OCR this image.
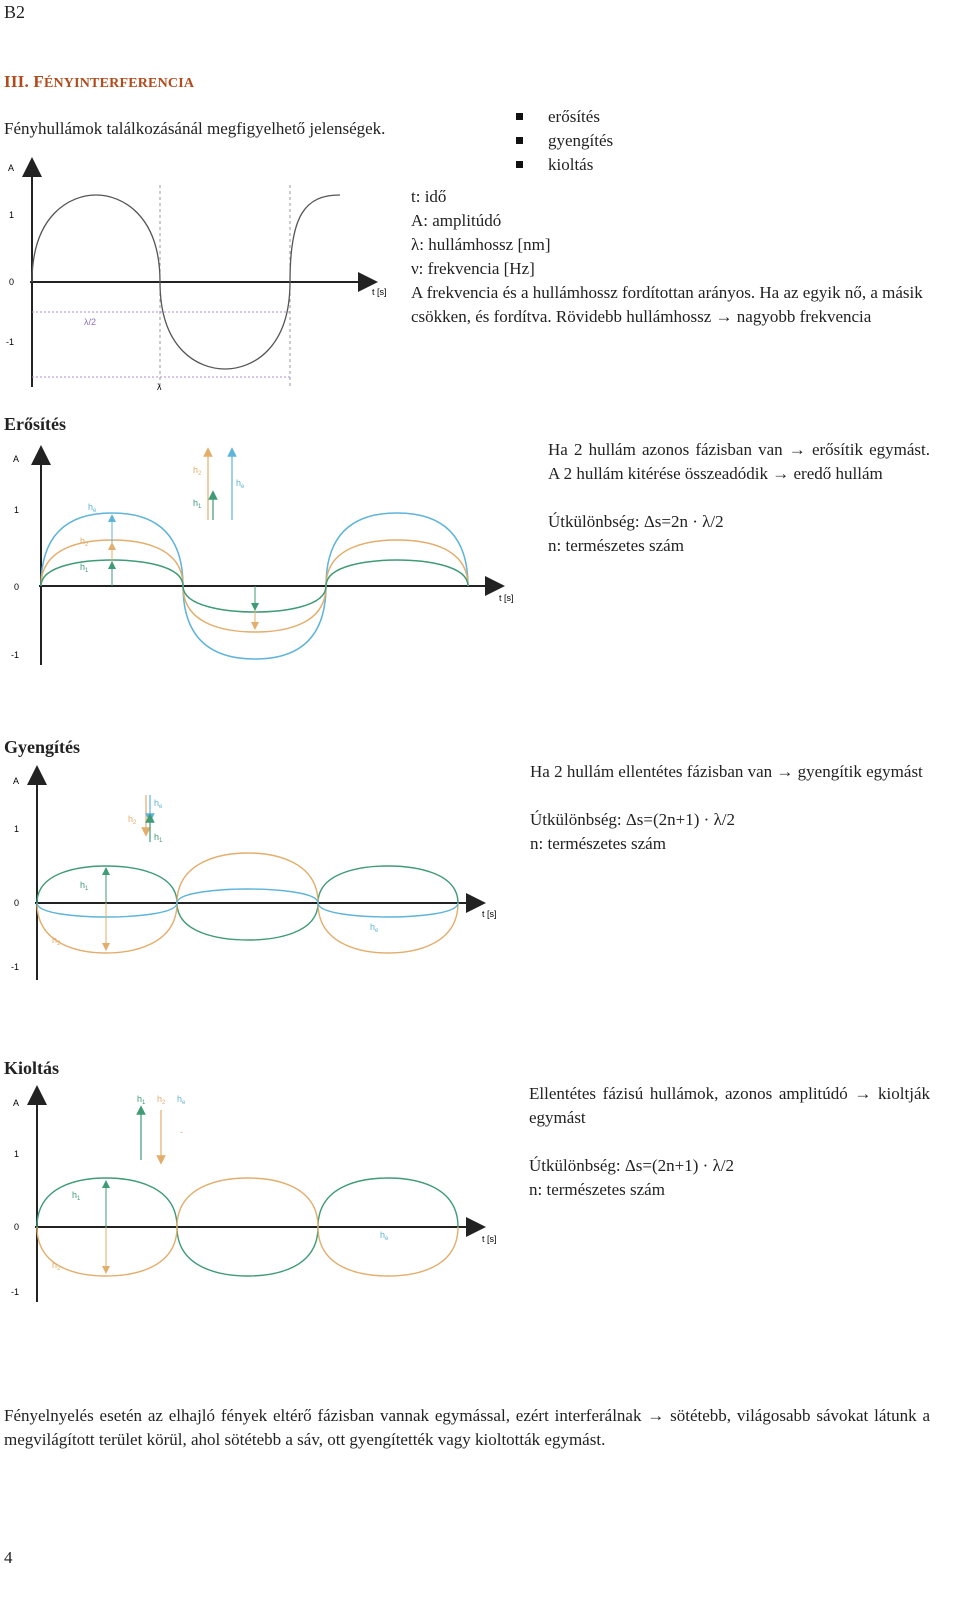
B2
III. FÉNYINTERFERENCIA
Fényhullámok találkozásánál megfigyelhető jelenségek.
erősítés
gyengítés
kioltás
t: idő
A: amplitúdó
λ: hullámhossz [nm]
ν: frekvencia [Hz]
A frekvencia és a hullámhossz fordítottan arányos. Ha az egyik nő, a másik csökken, és fordítva. Rövidebb hullámhossz → nagyobb frekvencia
A
1
0
-1
t [s]
λ/2
λ
Erősítés
Ha 2 hullám azonos fázisban van → erősítik egymást. A 2 hullám kitérése összeadódik → eredő hullám
Útkülönbség: Δs=2n · λ/2
n: természetes szám
A
1
0
-1
t [s]
$h_e$
$h_2$
$h_1$
$h_2$
$h_1$
$h_e$
Gyengítés
Ha 2 hullám ellentétes fázisban van → gyengítik egymást
Útkülönbség: Δs=(2n+1) · λ/2
n: természetes szám
A
1
0
-1
t [s]
$h_1$
$h_2$
$h_e$
$h_2$
$h_e$
$h_1$
Kioltás
Ellentétes fázisú hullámok, azonos amplitúdó → kioltják egymást
Útkülönbség: Δs=(2n+1) · λ/2
n: természetes szám
A
1
0
-1
t [s]
$h_1$
$h_2$
$h_e$
$h_1$ $h_2$ $h_e$
-
Fényelnyelés esetén az elhajló fények eltérő fázisban vannak egymással, ezért interferálnak → sötétebb, világosabb sávokat látunk a megvilágított terület körül, ahol sötétebb a sáv, ott gyengítették vagy kioltották egymást.
4
